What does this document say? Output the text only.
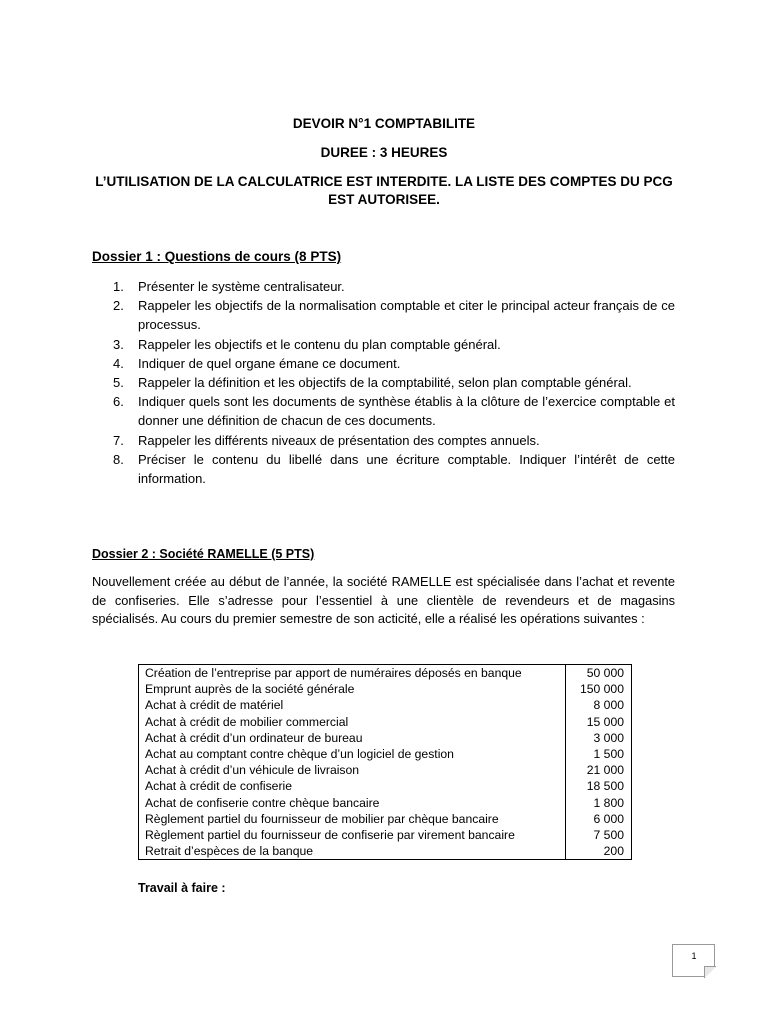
DEVOIR N°1 COMPTABILITE

DUREE : 3 HEURES

L’UTILISATION DE LA CALCULATRICE EST INTERDITE. LA LISTE DES COMPTES DU PCG EST AUTORISEE.

Dossier 1 : Questions de cours (8 PTS)

1. Présenter le système centralisateur.
2. Rappeler les objectifs de la normalisation comptable et citer le principal acteur français de ce processus.
3. Rappeler les objectifs et le contenu du plan comptable général.
4. Indiquer de quel organe émane ce document.
5. Rappeler la définition et les objectifs de la comptabilité, selon plan comptable général.
6. Indiquer quels sont les documents de synthèse établis à la clôture de l’exercice comptable et donner une définition de chacun de ces documents.
7. Rappeler les différents niveaux de présentation des comptes annuels.
8. Préciser le contenu du libellé dans une écriture comptable. Indiquer l’intérêt de cette information.

Dossier 2 : Société RAMELLE (5 PTS)

Nouvellement créée au début de l’année, la société RAMELLE est spécialisée dans l’achat et revente de confiseries. Elle s’adresse pour l’essentiel à une clientèle de revendeurs et de magasins spécialisés. Au cours du premier semestre de son acticité, elle a réalisé les opérations suivantes :

Création de l’entreprise par apport de numéraires déposés en banque	50 000
Emprunt auprès de la société générale	150 000
Achat à crédit de matériel	8 000
Achat à crédit de mobilier commercial	15 000
Achat à crédit d’un ordinateur de bureau	3 000
Achat au comptant contre chèque d’un logiciel de gestion	1 500
Achat à crédit d’un véhicule de livraison	21 000
Achat à crédit de confiserie	18 500
Achat de confiserie contre chèque bancaire	1 800
Règlement partiel du fournisseur de mobilier par chèque bancaire	6 000
Règlement partiel du fournisseur de confiserie par virement bancaire	7 500
Retrait d’espèces de la banque	200

Travail à faire :

1
